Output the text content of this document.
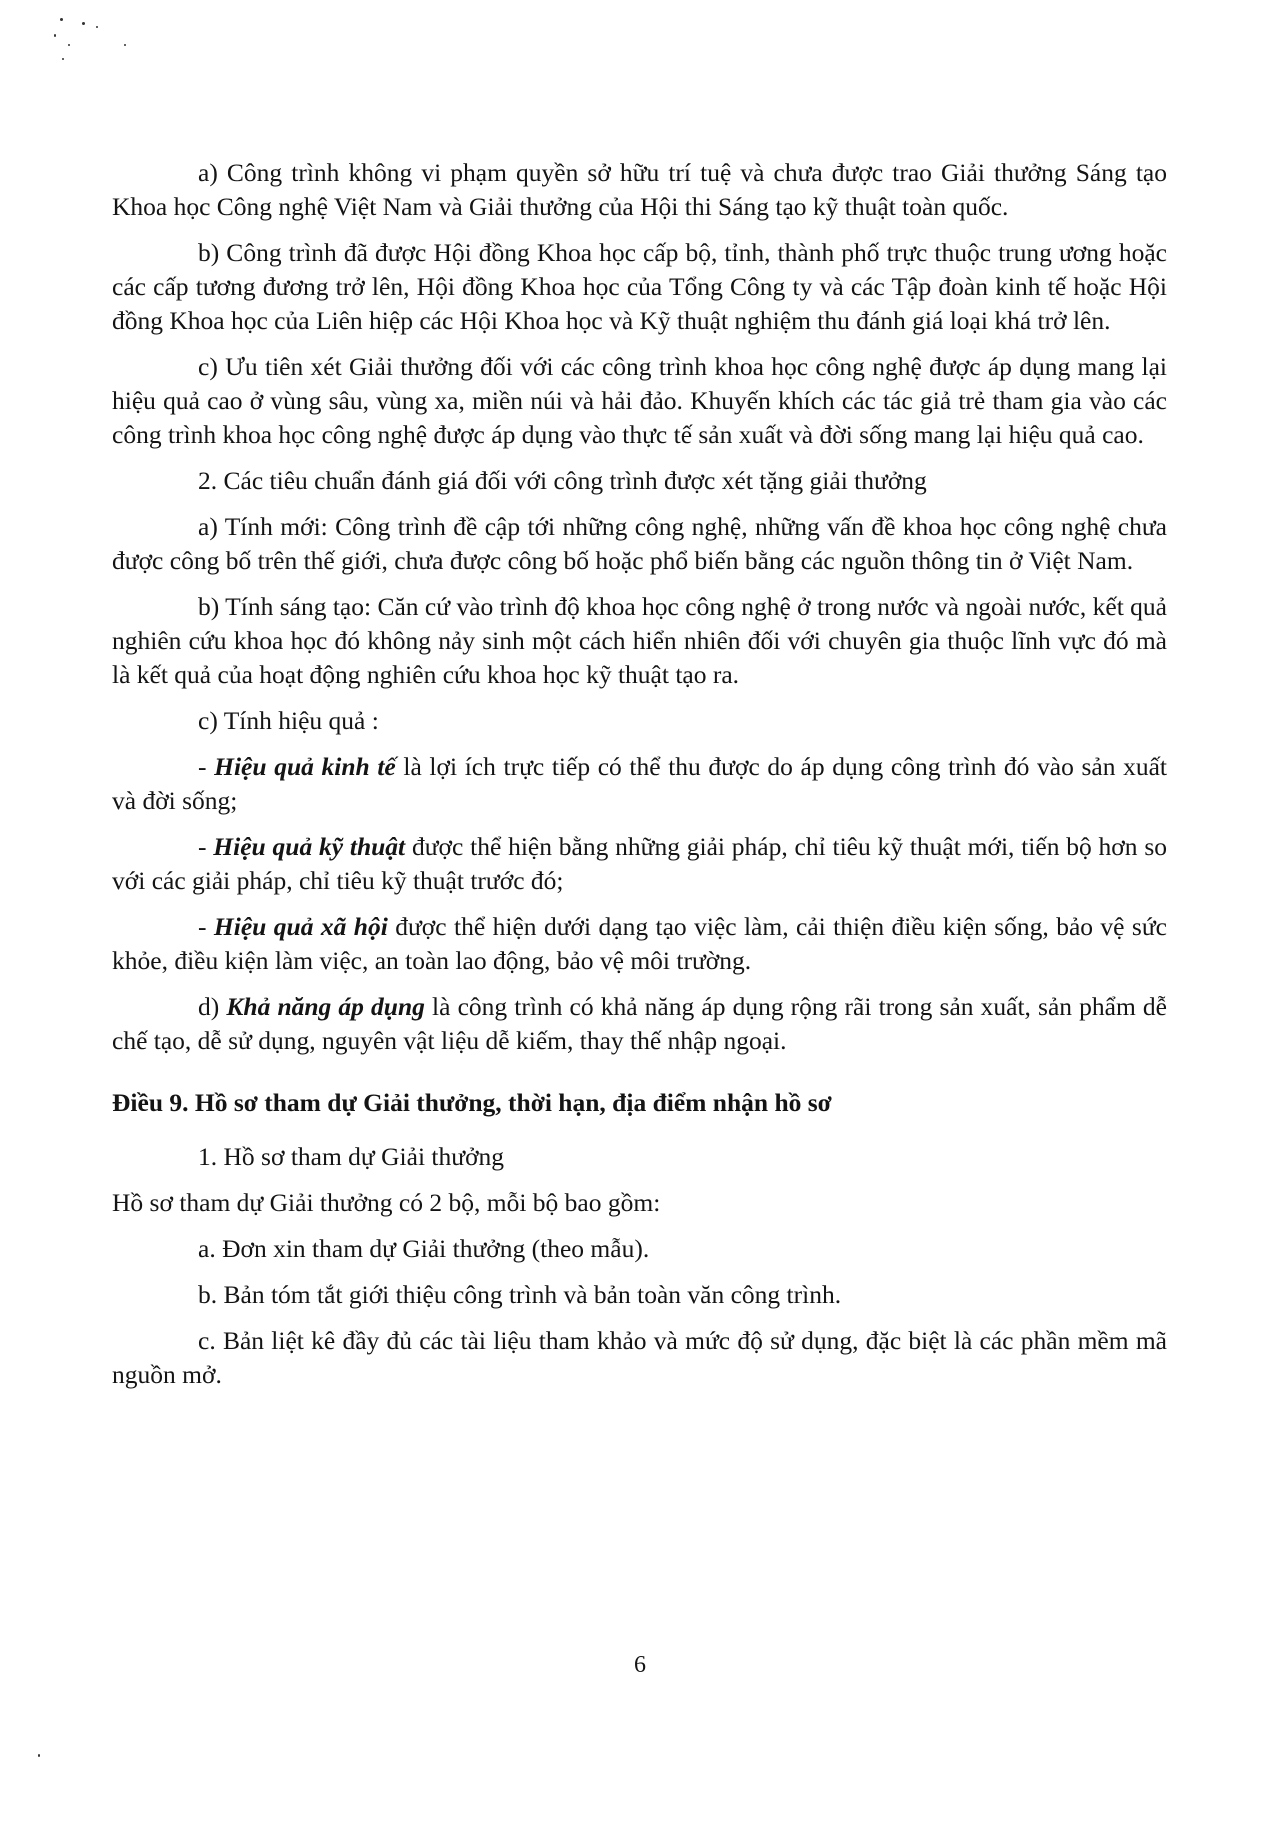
a) Công trình không vi phạm quyền sở hữu trí tuệ và chưa được trao Giải thưởng Sáng tạo Khoa học Công nghệ Việt Nam và Giải thưởng của Hội thi Sáng tạo kỹ thuật toàn quốc.

b) Công trình đã được Hội đồng Khoa học cấp bộ, tỉnh, thành phố trực thuộc trung ương hoặc các cấp tương đương trở lên, Hội đồng Khoa học của Tổng Công ty và các Tập đoàn kinh tế hoặc Hội đồng Khoa học của Liên hiệp các Hội Khoa học và Kỹ thuật nghiệm thu đánh giá loại khá trở lên.

c) Ưu tiên xét Giải thưởng đối với các công trình khoa học công nghệ được áp dụng mang lại hiệu quả cao ở vùng sâu, vùng xa, miền núi và hải đảo. Khuyến khích các tác giả trẻ tham gia vào các công trình khoa học công nghệ được áp dụng vào thực tế sản xuất và đời sống mang lại hiệu quả cao.

2. Các tiêu chuẩn đánh giá đối với công trình được xét tặng giải thưởng

a) Tính mới: Công trình đề cập tới những công nghệ, những vấn đề khoa học công nghệ chưa được công bố trên thế giới, chưa được công bố hoặc phổ biến bằng các nguồn thông tin ở Việt Nam.

b) Tính sáng tạo: Căn cứ vào trình độ khoa học công nghệ ở trong nước và ngoài nước, kết quả nghiên cứu khoa học đó không nảy sinh một cách hiển nhiên đối với chuyên gia thuộc lĩnh vực đó mà là kết quả của hoạt động nghiên cứu khoa học kỹ thuật tạo ra.

c) Tính hiệu quả :

- Hiệu quả kinh tế là lợi ích trực tiếp có thể thu được do áp dụng công trình đó vào sản xuất và đời sống;

- Hiệu quả kỹ thuật được thể hiện bằng những giải pháp, chỉ tiêu kỹ thuật mới, tiến bộ hơn so với các giải pháp, chỉ tiêu kỹ thuật trước đó;

- Hiệu quả xã hội được thể hiện dưới dạng tạo việc làm, cải thiện điều kiện sống, bảo vệ sức khỏe, điều kiện làm việc, an toàn lao động, bảo vệ môi trường.

d) Khả năng áp dụng là công trình có khả năng áp dụng rộng rãi trong sản xuất, sản phẩm dễ chế tạo, dễ sử dụng, nguyên vật liệu dễ kiếm, thay thế nhập ngoại.

Điều 9. Hồ sơ tham dự Giải thưởng, thời hạn, địa điểm nhận hồ sơ

1. Hồ sơ tham dự Giải thưởng

Hồ sơ tham dự Giải thưởng có 2 bộ, mỗi bộ bao gồm:

a. Đơn xin tham dự Giải thưởng (theo mẫu).

b. Bản tóm tắt giới thiệu công trình và bản toàn văn công trình.

c. Bản liệt kê đầy đủ các tài liệu tham khảo và mức độ sử dụng, đặc biệt là các phần mềm mã nguồn mở.

6
